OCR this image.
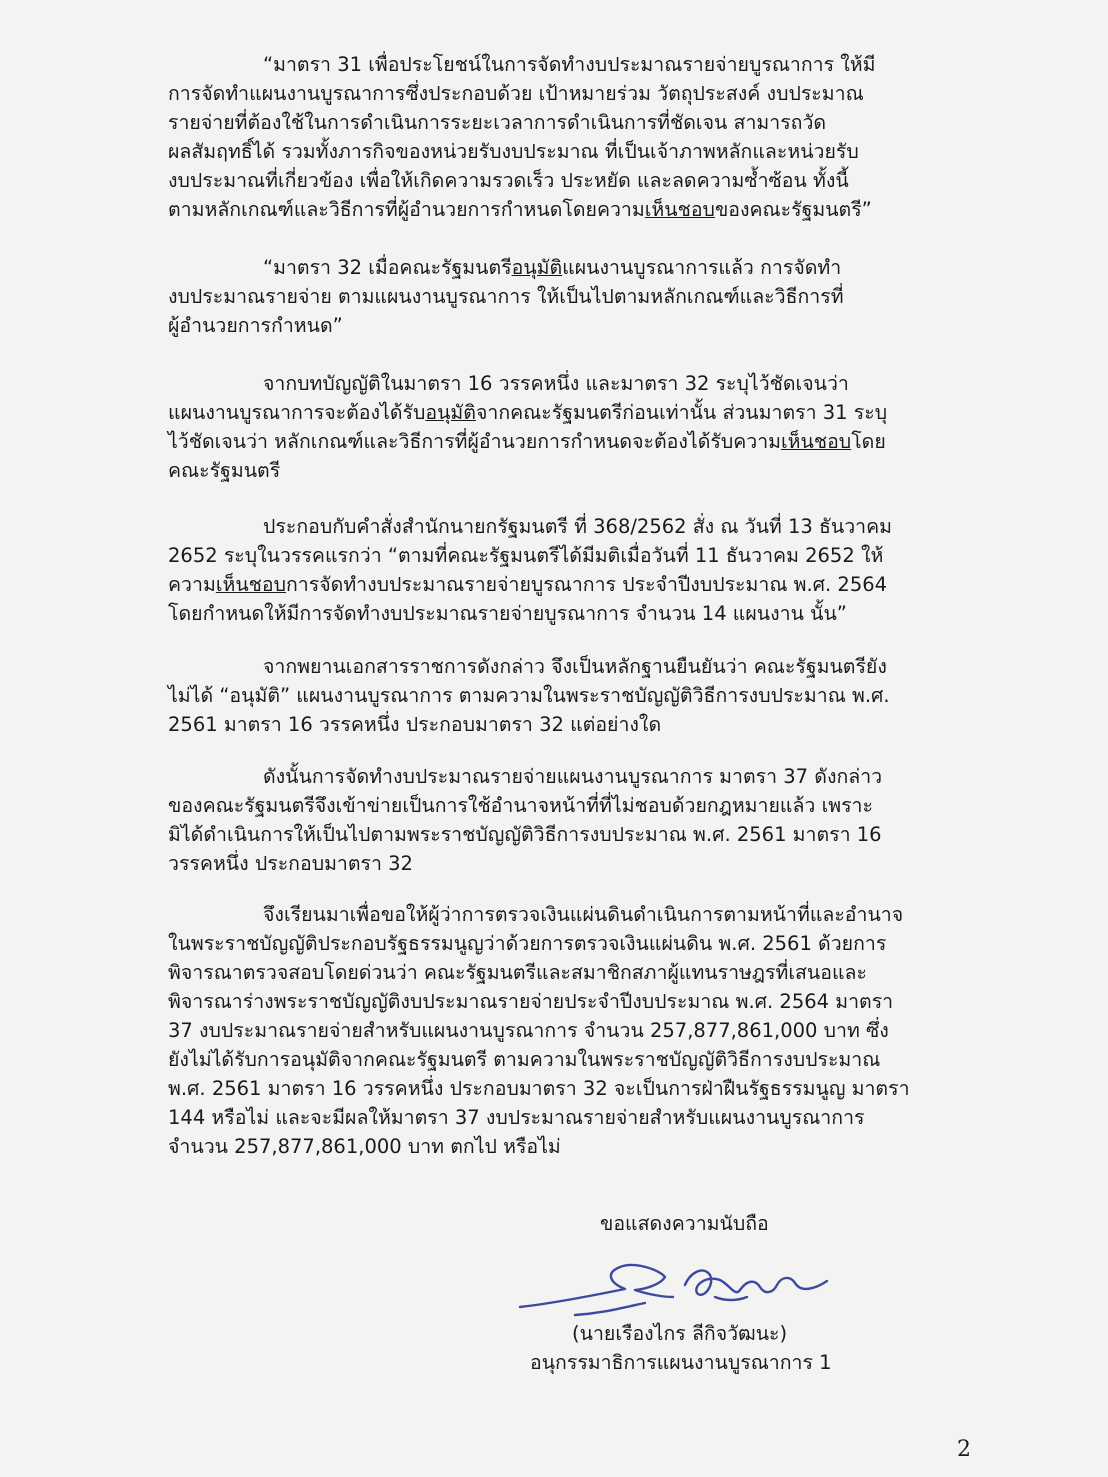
“มาตรา 31 เพื่อประโยชน์ในการจัดทำงบประมาณรายจ่ายบูรณาการ ให้มี
การจัดทำแผนงานบูรณาการซึ่งประกอบด้วย เป้าหมายร่วม วัตถุประสงค์ งบประมาณ
รายจ่ายที่ต้องใช้ในการดำเนินการระยะเวลาการดำเนินการที่ชัดเจน สามารถวัด
ผลสัมฤทธิ์ได้ รวมทั้งภารกิจของหน่วยรับงบประมาณ ที่เป็นเจ้าภาพหลักและหน่วยรับ
งบประมาณที่เกี่ยวข้อง เพื่อให้เกิดความรวดเร็ว ประหยัด และลดความซ้ำซ้อน ทั้งนี้
ตามหลักเกณฑ์และวิธีการที่ผู้อำนวยการกำหนดโดยความเห็นชอบของคณะรัฐมนตรี”

“มาตรา 32 เมื่อคณะรัฐมนตรีอนุมัติแผนงานบูรณาการแล้ว การจัดทำ
งบประมาณรายจ่าย ตามแผนงานบูรณาการ ให้เป็นไปตามหลักเกณฑ์และวิธีการที่
ผู้อำนวยการกำหนด”

จากบทบัญญัติในมาตรา 16 วรรคหนึ่ง และมาตรา 32 ระบุไว้ชัดเจนว่า
แผนงานบูรณาการจะต้องได้รับอนุมัติจากคณะรัฐมนตรีก่อนเท่านั้น ส่วนมาตรา 31 ระบุ
ไว้ชัดเจนว่า หลักเกณฑ์และวิธีการที่ผู้อำนวยการกำหนดจะต้องได้รับความเห็นชอบโดย
คณะรัฐมนตรี

ประกอบกับคำสั่งสำนักนายกรัฐมนตรี ที่ 368/2562 สั่ง ณ วันที่ 13 ธันวาคม
2652 ระบุในวรรคแรกว่า “ตามที่คณะรัฐมนตรีได้มีมติเมื่อวันที่ 11 ธันวาคม 2652 ให้
ความเห็นชอบการจัดทำงบประมาณรายจ่ายบูรณาการ ประจำปีงบประมาณ พ.ศ. 2564
โดยกำหนดให้มีการจัดทำงบประมาณรายจ่ายบูรณาการ จำนวน 14 แผนงาน นั้น”

จากพยานเอกสารราชการดังกล่าว จึงเป็นหลักฐานยืนยันว่า คณะรัฐมนตรียัง
ไม่ได้ “อนุมัติ” แผนงานบูรณาการ ตามความในพระราชบัญญัติวิธีการงบประมาณ พ.ศ.
2561 มาตรา 16 วรรคหนึ่ง ประกอบมาตรา 32 แต่อย่างใด

ดังนั้นการจัดทำงบประมาณรายจ่ายแผนงานบูรณาการ มาตรา 37 ดังกล่าว
ของคณะรัฐมนตรีจึงเข้าข่ายเป็นการใช้อำนาจหน้าที่ที่ไม่ชอบด้วยกฎหมายแล้ว เพราะ
มิได้ดำเนินการให้เป็นไปตามพระราชบัญญัติวิธีการงบประมาณ พ.ศ. 2561 มาตรา 16
วรรคหนึ่ง ประกอบมาตรา 32

จึงเรียนมาเพื่อขอให้ผู้ว่าการตรวจเงินแผ่นดินดำเนินการตามหน้าที่และอำนาจ
ในพระราชบัญญัติประกอบรัฐธรรมนูญว่าด้วยการตรวจเงินแผ่นดิน พ.ศ. 2561 ด้วยการ
พิจารณาตรวจสอบโดยด่วนว่า คณะรัฐมนตรีและสมาชิกสภาผู้แทนราษฎรที่เสนอและ
พิจารณาร่างพระราชบัญญัติงบประมาณรายจ่ายประจำปีงบประมาณ พ.ศ. 2564 มาตรา
37 งบประมาณรายจ่ายสำหรับแผนงานบูรณาการ จำนวน 257,877,861,000 บาท ซึ่ง
ยังไม่ได้รับการอนุมัติจากคณะรัฐมนตรี ตามความในพระราชบัญญัติวิธีการงบประมาณ
พ.ศ. 2561 มาตรา 16 วรรคหนึ่ง ประกอบมาตรา 32 จะเป็นการฝ่าฝืนรัฐธรรมนูญ มาตรา
144 หรือไม่ และจะมีผลให้มาตรา 37 งบประมาณรายจ่ายสำหรับแผนงานบูรณาการ
จำนวน 257,877,861,000 บาท ตกไป หรือไม่

ขอแสดงความนับถือ
(นายเรืองไกร ลีกิจวัฒนะ)
อนุกรรมาธิการแผนงานบูรณาการ 1
2
